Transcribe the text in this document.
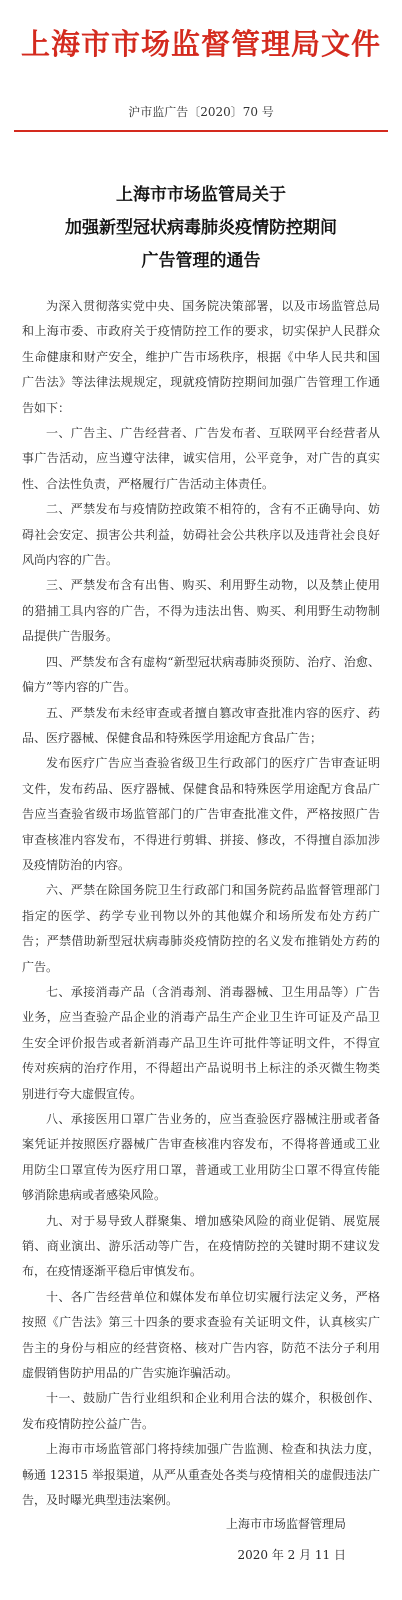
上海市市场监督管理局文件
沪市监广告〔2020〕70 号
上海市市场监管局关于
加强新型冠状病毒肺炎疫情防控期间
广告管理的通告

为深入贯彻落实党中央、国务院决策部署，以及市场监管总局和上海市委、市政府关于疫情防控工作的要求，切实保护人民群众生命健康和财产安全，维护广告市场秩序，根据《中华人民共和国广告法》等法律法规规定，现就疫情防控期间加强广告管理工作通告如下：

一、广告主、广告经营者、广告发布者、互联网平台经营者从事广告活动，应当遵守法律，诚实信用，公平竞争，对广告的真实性、合法性负责，严格履行广告活动主体责任。

二、严禁发布与疫情防控政策不相符的，含有不正确导向、妨碍社会安定、损害公共利益，妨碍社会公共秩序以及违背社会良好风尚内容的广告。

三、严禁发布含有出售、购买、利用野生动物，以及禁止使用的猎捕工具内容的广告，不得为违法出售、购买、利用野生动物制品提供广告服务。

四、严禁发布含有虚构“新型冠状病毒肺炎预防、治疗、治愈、偏方”等内容的广告。

五、严禁发布未经审查或者擅自篡改审查批准内容的医疗、药品、医疗器械、保健食品和特殊医学用途配方食品广告；

发布医疗广告应当查验省级卫生行政部门的医疗广告审查证明文件，发布药品、医疗器械、保健食品和特殊医学用途配方食品广告应当查验省级市场监管部门的广告审查批准文件，严格按照广告审查核准内容发布，不得进行剪辑、拼接、修改，不得擅自添加涉及疫情防治的内容。

六、严禁在除国务院卫生行政部门和国务院药品监督管理部门指定的医学、药学专业刊物以外的其他媒介和场所发布处方药广告；严禁借助新型冠状病毒肺炎疫情防控的名义发布推销处方药的广告。

七、承接消毒产品（含消毒剂、消毒器械、卫生用品等）广告业务，应当查验产品企业的消毒产品生产企业卫生许可证及产品卫生安全评价报告或者新消毒产品卫生许可批件等证明文件，不得宣传对疾病的治疗作用，不得超出产品说明书上标注的杀灭微生物类别进行夸大虚假宣传。

八、承接医用口罩广告业务的，应当查验医疗器械注册或者备案凭证并按照医疗器械广告审查核准内容发布，不得将普通或工业用防尘口罩宣传为医疗用口罩，普通或工业用防尘口罩不得宣传能够消除患病或者感染风险。

九、对于易导致人群聚集、增加感染风险的商业促销、展览展销、商业演出、游乐活动等广告，在疫情防控的关键时期不建议发布，在疫情逐渐平稳后审慎发布。

十、各广告经营单位和媒体发布单位切实履行法定义务，严格按照《广告法》第三十四条的要求查验有关证明文件，认真核实广告主的身份与相应的经营资格、核对广告内容，防范不法分子利用虚假销售防护用品的广告实施诈骗活动。

十一、鼓励广告行业组织和企业利用合法的媒介，积极创作、发布疫情防控公益广告。

上海市市场监管部门将持续加强广告监测、检查和执法力度，畅通 12315 举报渠道，从严从重查处各类与疫情相关的虚假违法广告，及时曝光典型违法案例。

上海市市场监督管理局
2020 年 2 月 11 日
